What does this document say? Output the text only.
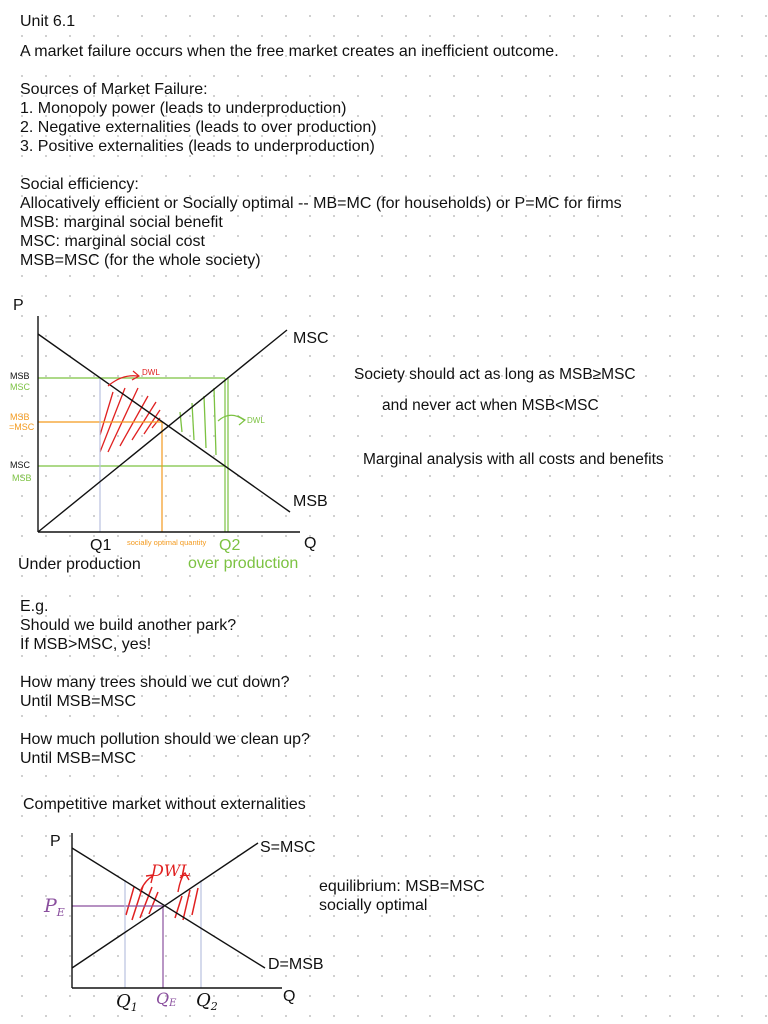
Unit 6.1

A market failure occurs when the free market creates an inefficient outcome.

Sources of Market Failure:

1. Monopoly power (leads to underproduction)

2. Negative externalities (leads to over production)

3. Positive externalities (leads to underproduction)

Social efficiency:

Allocatively efficient or Socially optimal -- MB=MC (for households) or P=MC for firms

MSB: marginal social benefit

MSC: marginal social cost

MSB=MSC (for the whole society)

P
Q
MSC
MSB
MSB
MSC
MSB
=MSC
MSC
MSB
DWL
DWL
Q1 socially optimal quantity Q2
Under production	over production

Society should act as long as MSB≥MSC

and never act when MSB<MSC

Marginal analysis with all costs and benefits

E.g.

Should we build another park?

If MSB>MSC, yes!

How many trees should we cut down?

Until MSB=MSC

How much pollution should we clean up?

Until MSB=MSC

Competitive market without externalities

P
Q
S=MSC
D=MSB
DWL
$P_E$
$Q_1$ QE $Q_2$

equilibrium: MSB=MSC

socially optimal
